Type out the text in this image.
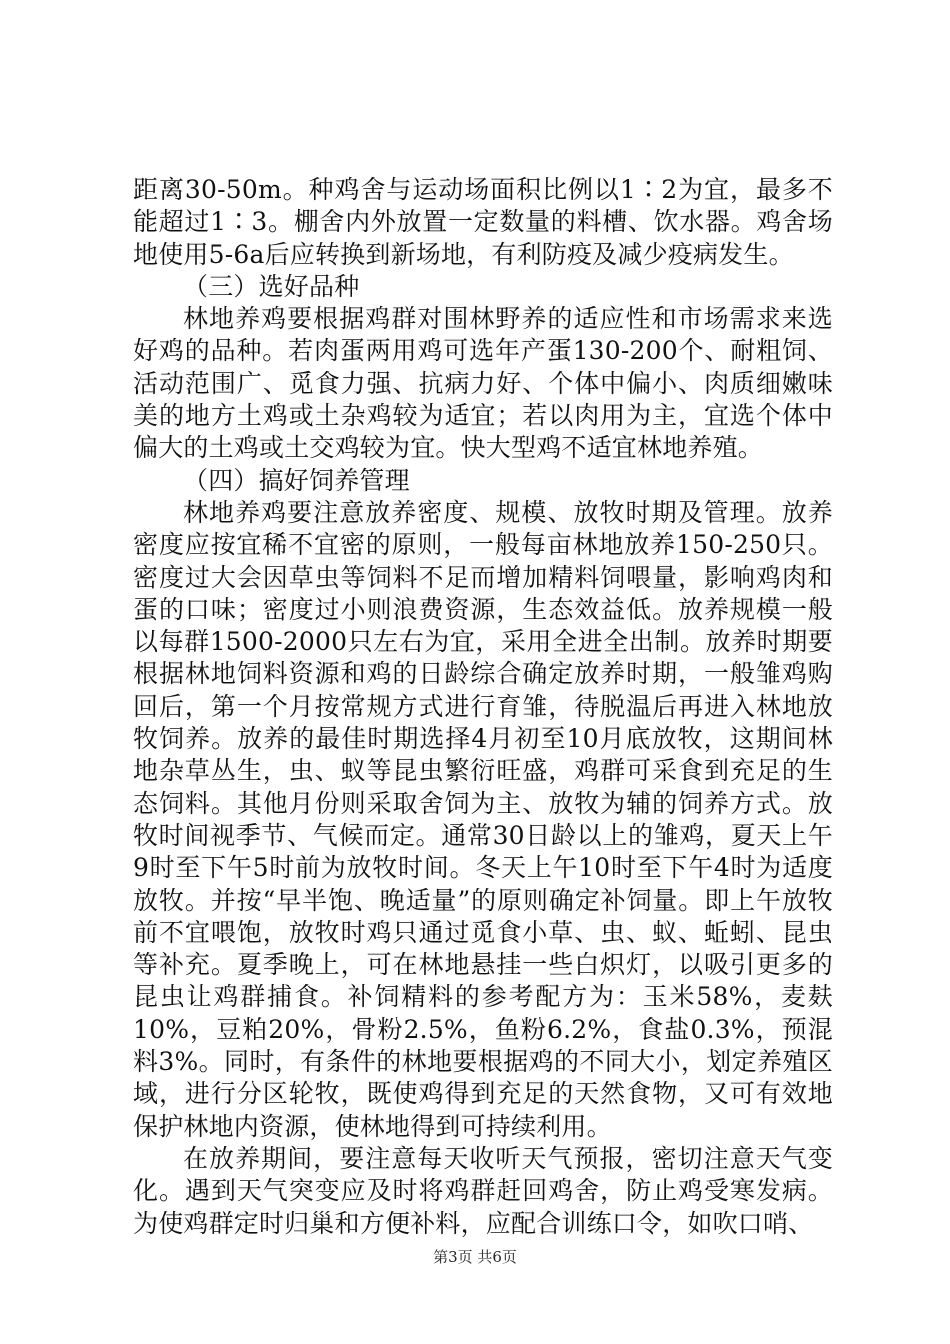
距离30-50m。种鸡舍与运动场面积比例以1∶2为宜，最多不能超过1∶3。棚舍内外放置一定数量的料槽、饮水器。鸡舍场地使用5-6a后应转换到新场地，有利防疫及减少疫病发生。

（三）选好品种

林地养鸡要根据鸡群对围林野养的适应性和市场需求来选好鸡的品种。若肉蛋两用鸡可选年产蛋130-200个、耐粗饲、活动范围广、觅食力强、抗病力好、个体中偏小、肉质细嫩味美的地方土鸡或土杂鸡较为适宜；若以肉用为主，宜选个体中偏大的土鸡或土交鸡较为宜。快大型鸡不适宜林地养殖。

（四）搞好饲养管理

林地养鸡要注意放养密度、规模、放牧时期及管理。放养密度应按宜稀不宜密的原则，一般每亩林地放养150-250只。密度过大会因草虫等饲料不足而增加精料饲喂量，影响鸡肉和蛋的口味；密度过小则浪费资源，生态效益低。放养规模一般以每群1500-2000只左右为宜，采用全进全出制。放养时期要根据林地饲料资源和鸡的日龄综合确定放养时期，一般雏鸡购回后，第一个月按常规方式进行育雏，待脱温后再进入林地放牧饲养。放养的最佳时期选择4月初至10月底放牧，这期间林地杂草丛生，虫、蚁等昆虫繁衍旺盛，鸡群可采食到充足的生态饲料。其他月份则采取舍饲为主、放牧为辅的饲养方式。放牧时间视季节、气候而定。通常30日龄以上的雏鸡，夏天上午9时至下午5时前为放牧时间。冬天上午10时至下午4时为适度放牧。并按“早半饱、晚适量”的原则确定补饲量。即上午放牧前不宜喂饱，放牧时鸡只通过觅食小草、虫、蚁、蚯蚓、昆虫等补充。夏季晚上，可在林地悬挂一些白炽灯，以吸引更多的昆虫让鸡群捕食。补饲精料的参考配方为：玉米58%，麦麸10%，豆粕20%，骨粉2.5%，鱼粉6.2%，食盐0.3%，预混料3%。同时，有条件的林地要根据鸡的不同大小，划定养殖区域，进行分区轮牧，既使鸡得到充足的天然食物，又可有效地保护林地内资源，使林地得到可持续利用。

在放养期间，要注意每天收听天气预报，密切注意天气变化。遇到天气突变应及时将鸡群赶回鸡舍，防止鸡受寒发病。为使鸡群定时归巢和方便补料，应配合训练口令，如吹口哨、

第3页 共6页
